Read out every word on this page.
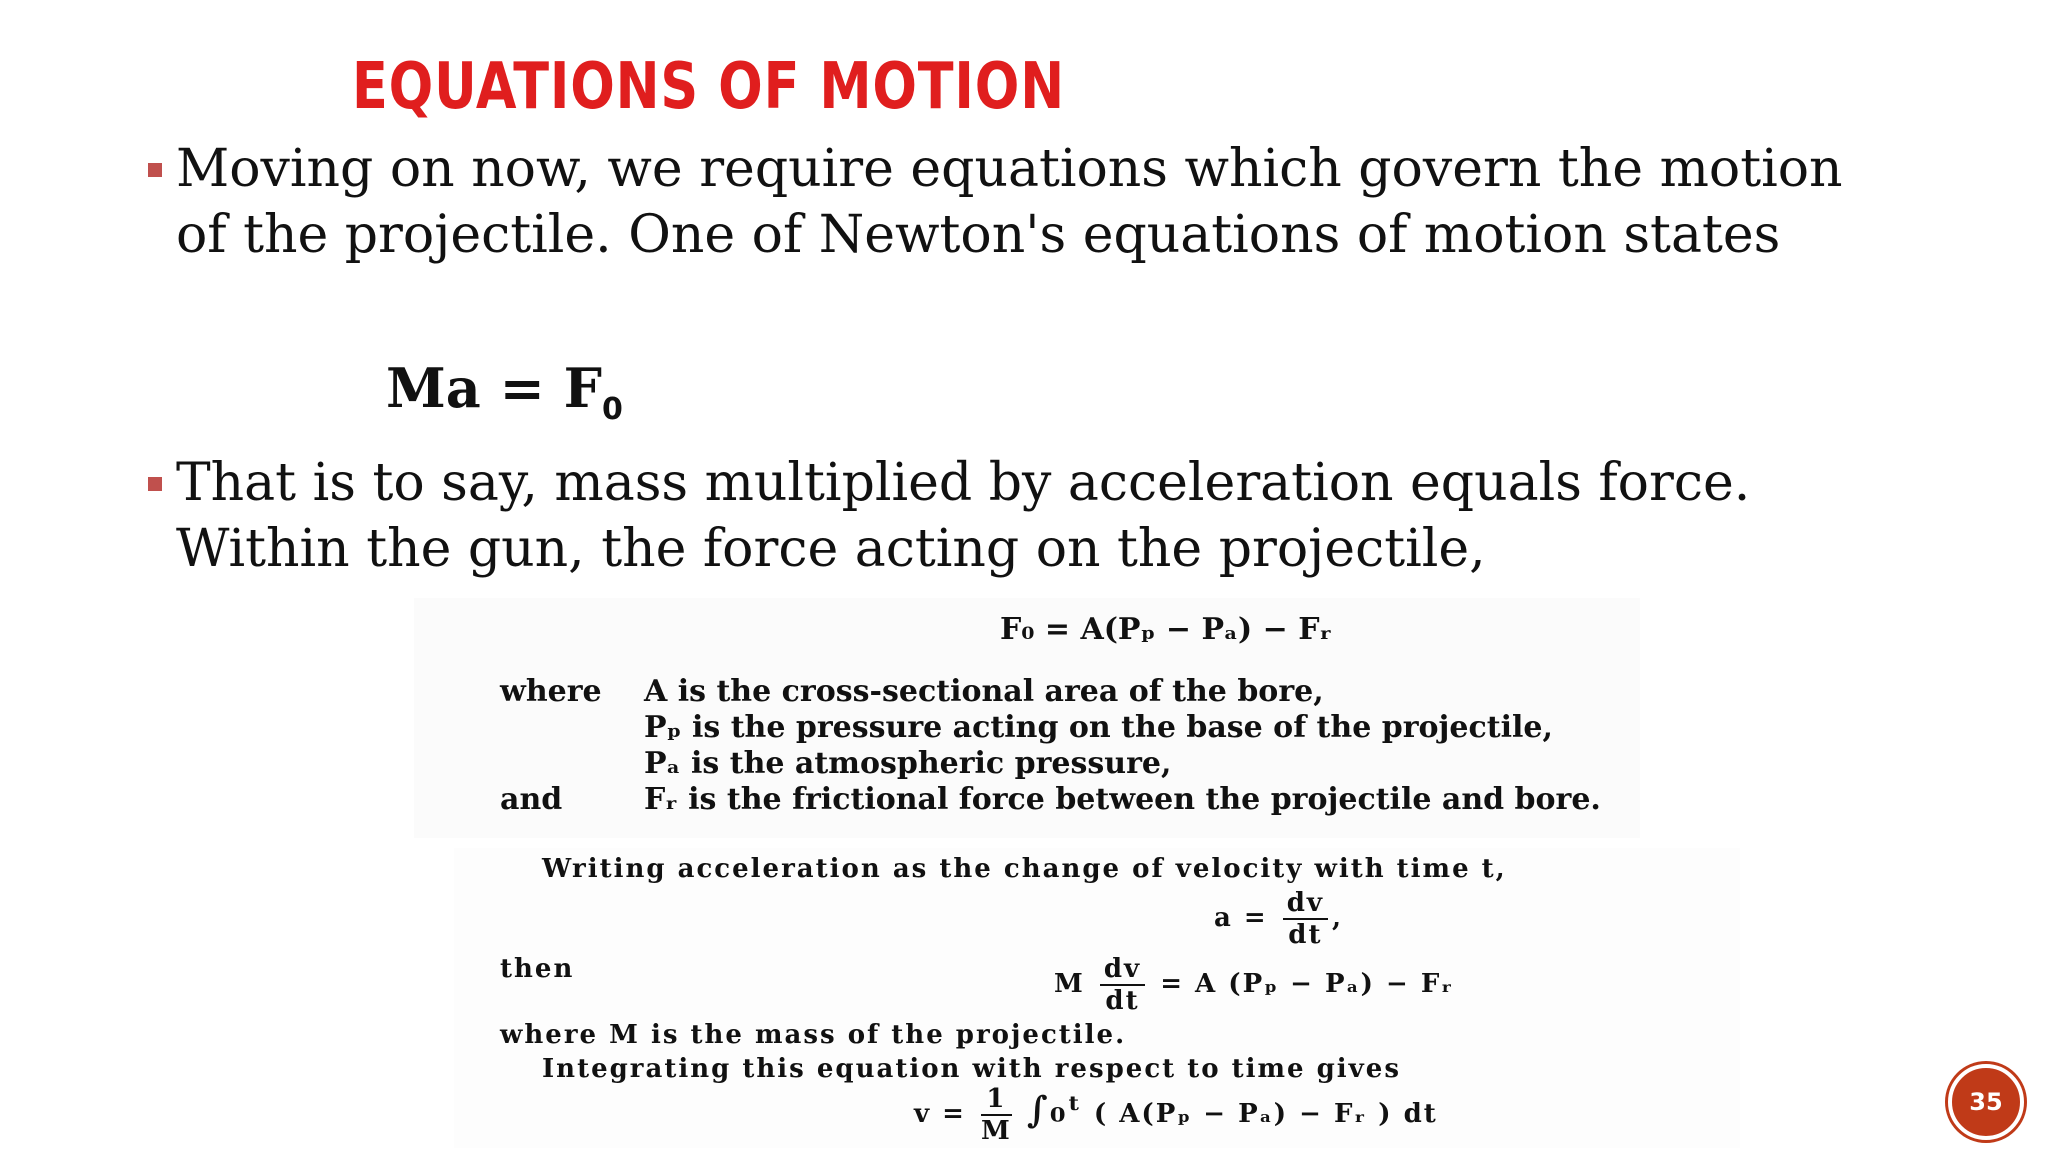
EQUATIONS OF MOTION
Moving on now, we require equations which govern the motion of the projectile. One of Newton's equations of motion states
$Ma = F_0$
That is to say, mass multiplied by acceleration equals force. Within the gun, the force acting on the projectile,
F₀ = A(Pₚ − Pₐ) − Fᵣ
where A is the cross-sectional area of the bore,
Pₚ is the pressure acting on the base of the projectile,
Pₐ is the atmospheric pressure,
and	Fᵣ is the frictional force between the projectile and bore.
Writing acceleration as the change of velocity with time t,
$a = \frac{dv}{dt}$ ,
then	M $\frac{dv}{dt} = A$ (Pₚ − Pₐ) − Fᵣ
where M is the mass of the projectile.
Integrating this equation with respect to time gives
$v = \frac{1}{M}$ ∫₀ᵗ ( A(Pₚ − Pₐ) − Fᵣ ) dt	35
